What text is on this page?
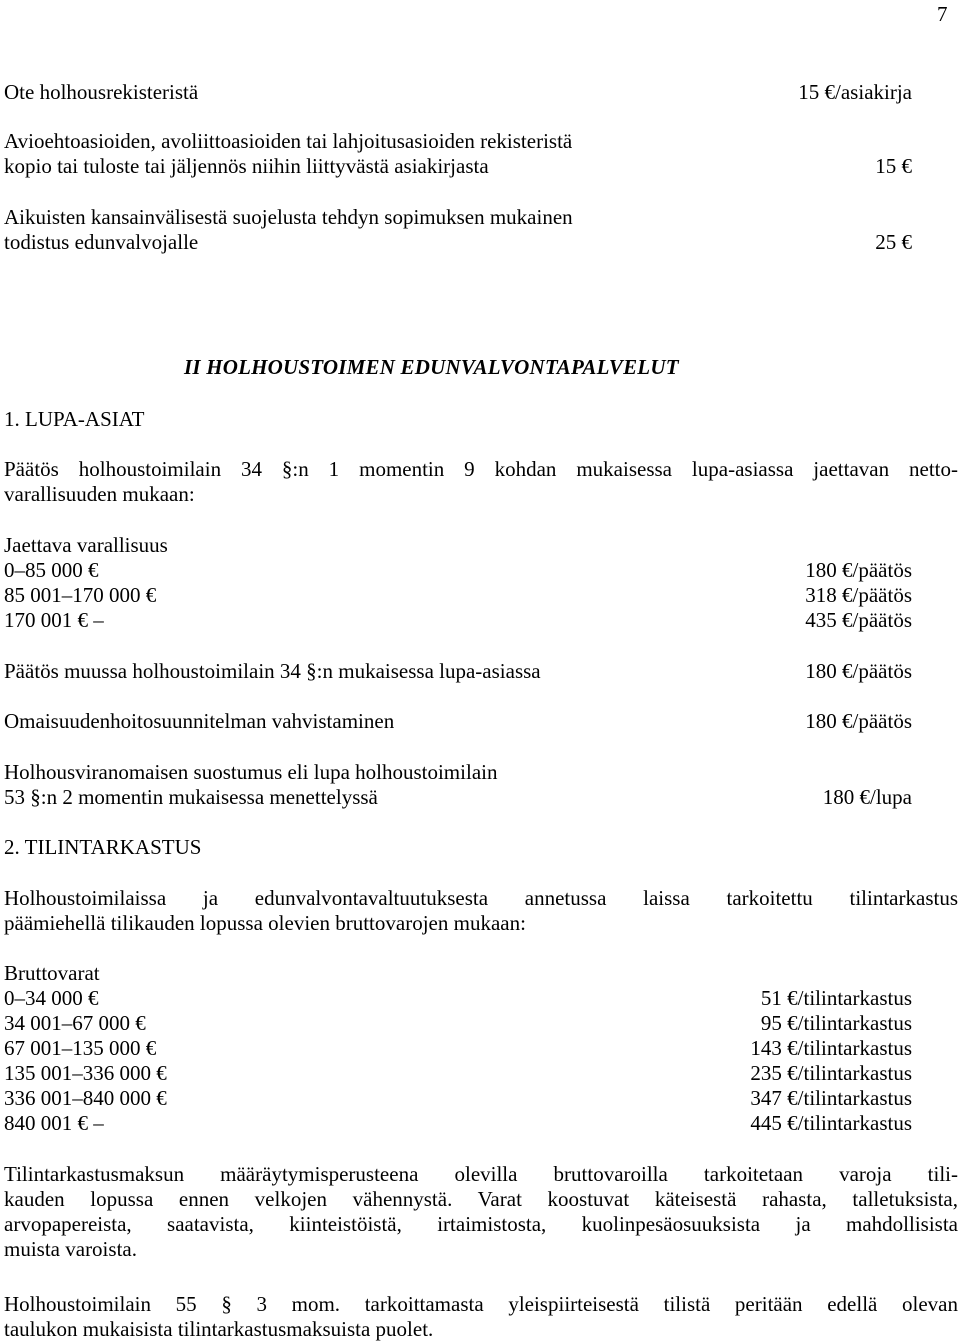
7
Ote holhousrekisteristä	15 €/asiakirja
Avioehtoasioiden, avoliittoasioiden tai lahjoitusasioiden rekisteristä
kopio tai tuloste tai jäljennös niihin liittyvästä asiakirjasta	15 €
Aikuisten kansainvälisestä suojelusta tehdyn sopimuksen mukainen
todistus edunvalvojalle	25 €
II HOLHOUSTOIMEN EDUNVALVONTAPALVELUT
1. LUPA-ASIAT
Päätös holhoustoimilain 34 §:n 1 momentin 9 kohdan mukaisessa lupa-asiassa jaettavan netto-
varallisuuden mukaan:
Jaettava varallisuus
0–85 000 €	180 €/päätös
85 001–170 000 €	318 €/päätös
170 001 € –	435 €/päätös
Päätös muussa holhoustoimilain 34 §:n mukaisessa lupa-asiassa	180 €/päätös
Omaisuudenhoitosuunnitelman vahvistaminen	180 €/päätös
Holhousviranomaisen suostumus eli lupa holhoustoimilain
53 §:n 2 momentin mukaisessa menettelyssä	180 €/lupa
2. TILINTARKASTUS
Holhoustoimilaissa ja edunvalvontavaltuutuksesta annetussa laissa tarkoitettu tilintarkastus
päämiehellä tilikauden lopussa olevien bruttovarojen mukaan:
Bruttovarat
0–34 000 €	51 €/tilintarkastus
34 001–67 000 €	95 €/tilintarkastus
67 001–135 000 €	143 €/tilintarkastus
135 001–336 000 €	235 €/tilintarkastus
336 001–840 000 €	347 €/tilintarkastus
840 001 € –	445 €/tilintarkastus
Tilintarkastusmaksun määräytymisperusteena olevilla bruttovaroilla tarkoitetaan varoja tili-
kauden lopussa ennen velkojen vähennystä. Varat koostuvat käteisestä rahasta, talletuksista,
arvopapereista, saatavista, kiinteistöistä, irtaimistosta, kuolinpesäosuuksista ja mahdollisista
muista varoista.
Holhoustoimilain 55 § 3 mom. tarkoittamasta yleispiirteisestä tilistä peritään edellä olevan
taulukon mukaisista tilintarkastusmaksuista puolet.
